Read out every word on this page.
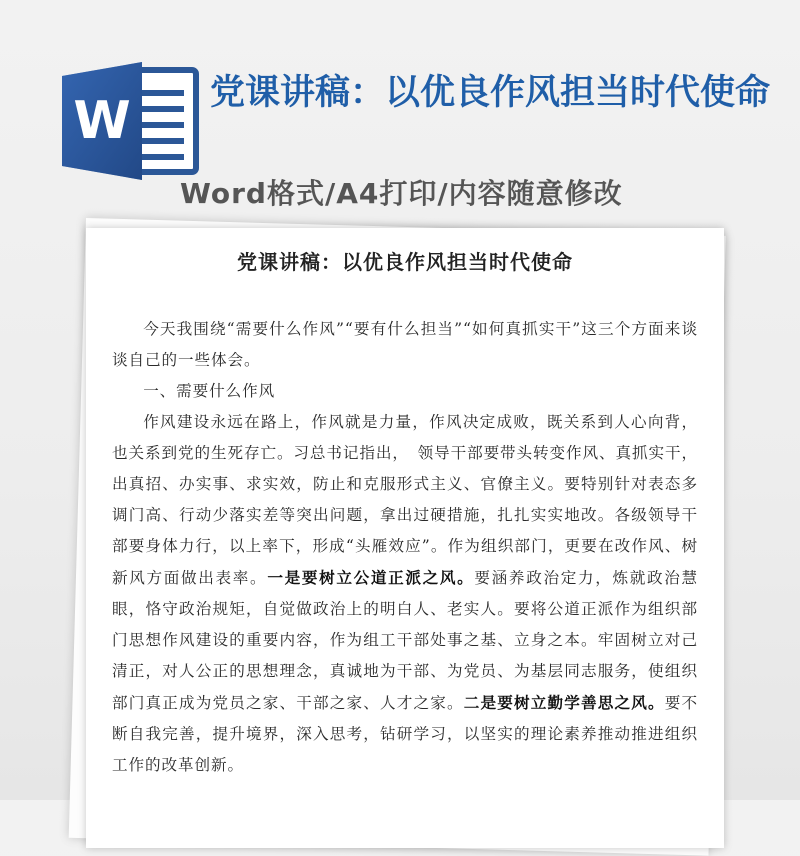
W 党课讲稿：以优良作风担当时代使命
Word格式/A4打印/内容随意修改
党课讲稿：以优良作风担当时代使命

今天我围绕“需要什么作风”“要有什么担当”“如何真抓实干”这三个方面来谈谈自己的一些体会。

一、需要什么作风

作风建设永远在路上，作风就是力量，作风决定成败，既关系到人心向背，也关系到党的生死存亡。习总书记指出，　领导干部要带头转变作风、真抓实干，出真招、办实事、求实效，防止和克服形式主义、官僚主义。要特别针对表态多调门高、行动少落实差等突出问题，拿出过硬措施，扎扎实实地改。各级领导干部要身体力行，以上率下，形成“头雁效应”。作为组织部门，更要在改作风、树新风方面做出表率。一是要树立公道正派之风。要涵养政治定力，炼就政治慧眼，恪守政治规矩，自觉做政治上的明白人、老实人。要将公道正派作为组织部门思想作风建设的重要内容，作为组工干部处事之基、立身之本。牢固树立对己清正，对人公正的思想理念，真诚地为干部、为党员、为基层同志服务，使组织部门真正成为党员之家、干部之家、人才之家。二是要树立勤学善思之风。要不断自我完善，提升境界，深入思考，钻研学习，以坚实的理论素养推动推进组织工作的改革创新。
